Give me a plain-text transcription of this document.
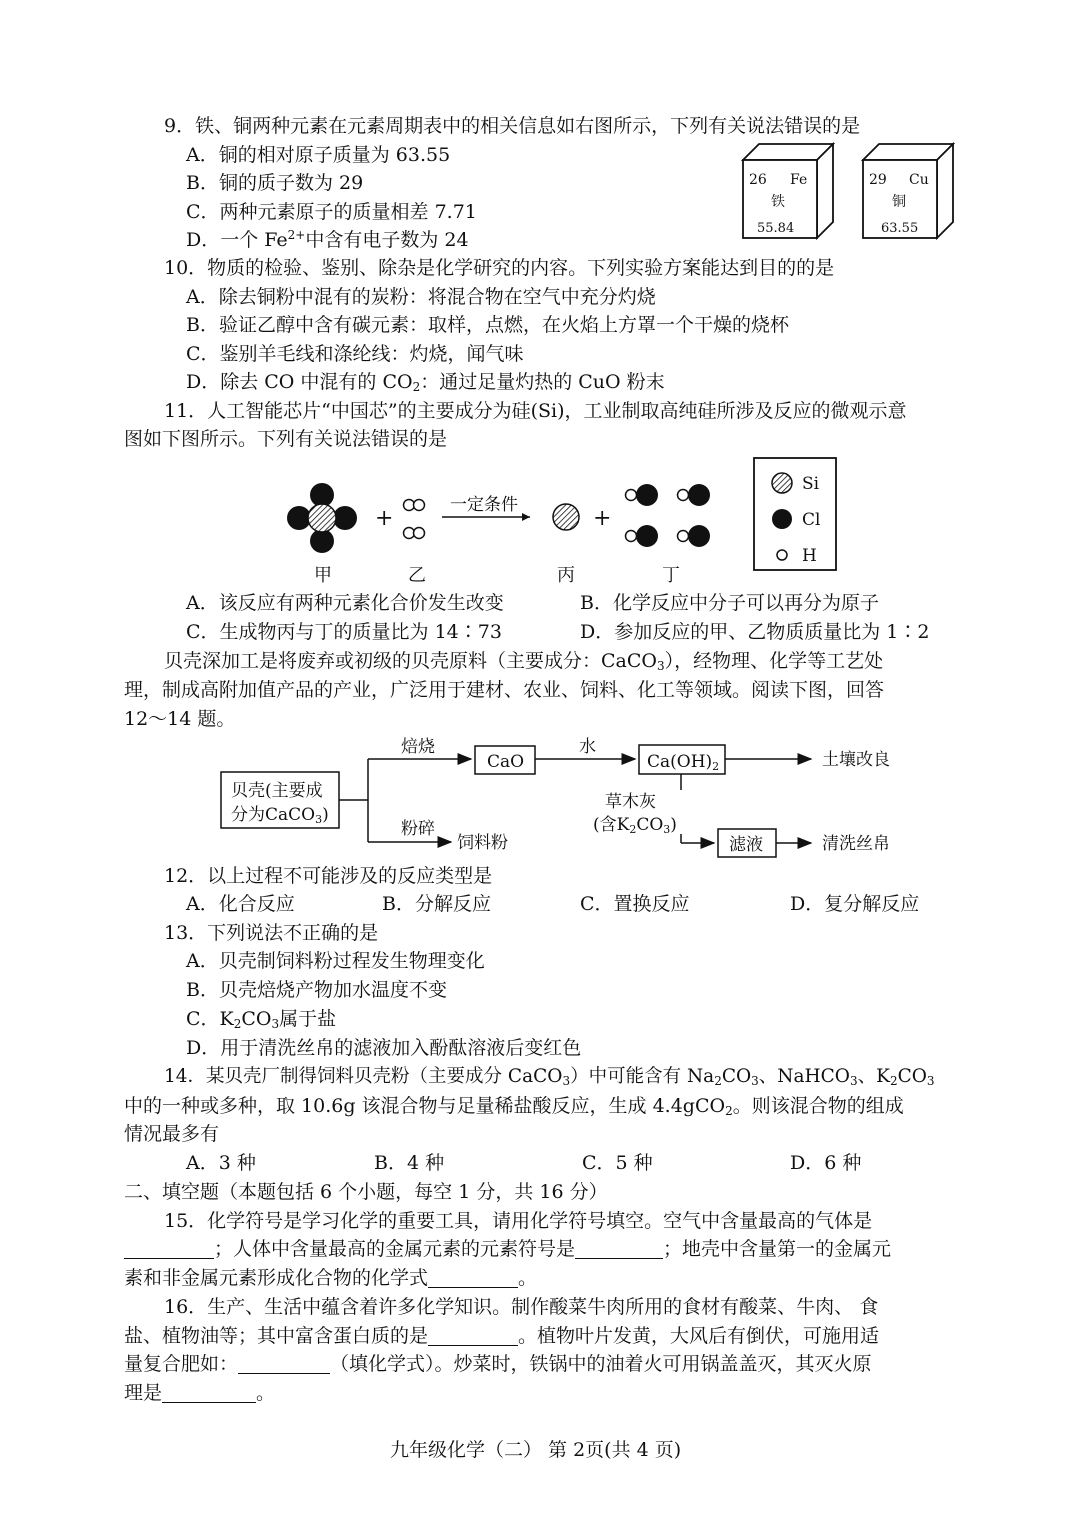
9．铁、铜两种元素在元素周期表中的相关信息如右图所示，下列有关说法错误的是
A．铜的相对原子质量为 63.55
B．铜的质子数为 29
C．两种元素原子的质量相差 7.71
D．一个 $Fe^{2+}$中含有电子数为 24
26 Fe
铁
55.84
29 Cu
铜
63.55
10．物质的检验、鉴别、除杂是化学研究的内容。下列实验方案能达到目的的是
A．除去铜粉中混有的炭粉：将混合物在空气中充分灼烧
B．验证乙醇中含有碳元素：取样，点燃，在火焰上方罩一个干燥的烧杯
C．鉴别羊毛线和涤纶线：灼烧，闻气味
D．除去 CO 中混有的 $CO_2$：通过足量灼热的 CuO 粉末
11．人工智能芯片“中国芯”的主要成分为硅(Si)，工业制取高纯硅所涉及反应的微观示意
图如下图所示。下列有关说法错误的是
+
一定条件
+
甲	乙	丙	丁
Si
Cl
H
A．该反应有两种元素化合价发生改变	B．化学反应中分子可以再分为原子
C．生成物丙与丁的质量比为 14∶73	D．参加反应的甲、乙物质质量比为 1∶2
贝壳深加工是将废弃或初级的贝壳原料（主要成分：CaCO$_3$），经物理、化学等工艺处
理，制成高附加值产品的产业，广泛用于建材、农业、饲料、化工等领域。阅读下图，回答
12～14 题。
贝壳(主要成
分为CaCO3)
焙烧
CaO
水
Ca(OH)2	土壤改良
粉碎
饲料粉
草木灰
(含K2CO3)
滤液	清洗丝帛
12．以上过程不可能涉及的反应类型是
A．化合反应	B．分解反应	C．置换反应	D．复分解反应
13．下列说法不正确的是
A．贝壳制饲料粉过程发生物理变化
B．贝壳焙烧产物加水温度不变
C．$K_2CO_3$属于盐
D．用于清洗丝帛的滤液加入酚酞溶液后变红色
14．某贝壳厂制得饲料贝壳粉（主要成分 CaCO$_3$）中可能含有 $Na_2CO_3$、NaHCO$_3$、$K_2CO_3$
中的一种或多种，取 10.6g 该混合物与足量稀盐酸反应，生成 4.4gCO$_2$。则该混合物的组成
情况最多有
A．3 种	B．4 种	C．5 种	D．6 种
二、填空题（本题包括 6 个小题，每空 1 分，共 16 分）
15．化学符号是学习化学的重要工具，请用化学符号填空。空气中含量最高的气体是
；人体中含量最高的金属元素的元素符号是	；地壳中含量第一的金属元
素和非金属元素形成化合物的化学式	。
16．生产、生活中蕴含着许多化学知识。制作酸菜牛肉所用的食材有酸菜、牛肉、 食
盐、植物油等；其中富含蛋白质的是	。植物叶片发黄，大风后有倒伏，可施用适
量复合肥如：	（填化学式）。炒菜时，铁锅中的油着火可用锅盖盖灭，其灭火原
理是	。
九年级化学（二） 第 2页(共 4 页)
